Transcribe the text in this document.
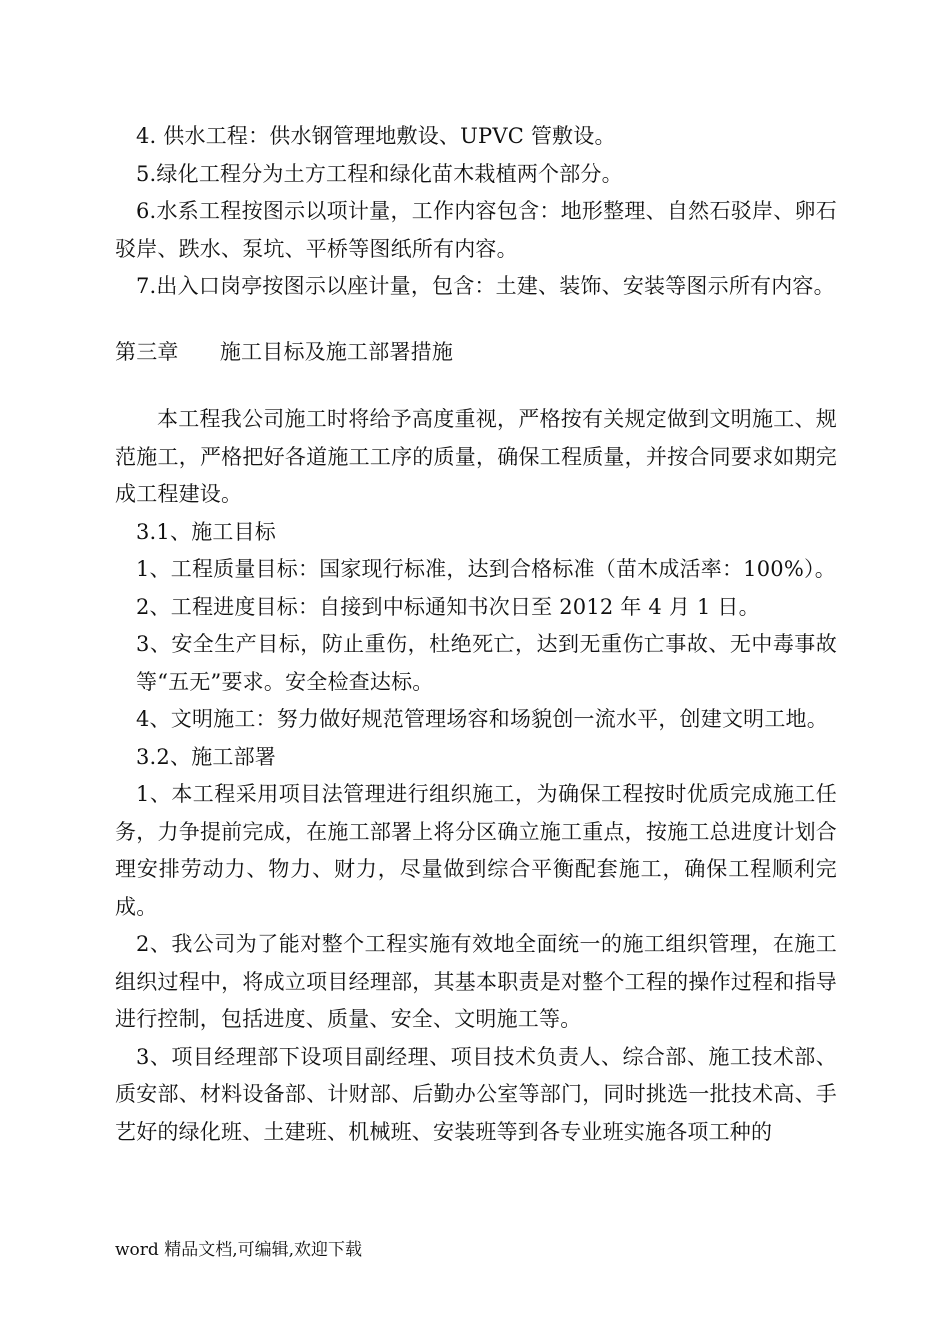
4. 供水工程：供水钢管理地敷设、UPVC 管敷设。

5.绿化工程分为土方工程和绿化苗木栽植两个部分。

6.水系工程按图示以项计量，工作内容包含：地形整理、自然石驳岸、卵石驳岸、跌水、泵坑、平桥等图纸所有内容。

7.出入口岗亭按图示以座计量，包含：土建、装饰、安装等图示所有内容。

第三章      施工目标及施工部署措施

本工程我公司施工时将给予高度重视，严格按有关规定做到文明施工、规范施工，严格把好各道施工工序的质量，确保工程质量，并按合同要求如期完成工程建设。

3.1、施工目标

1、工程质量目标：国家现行标准，达到合格标准（苗木成活率：100%）。

2、工程进度目标：自接到中标通知书次日至 2012 年 4 月 1 日。

3、安全生产目标，防止重伤，杜绝死亡，达到无重伤亡事故、无中毒事故等“五无”要求。安全检查达标。

4、文明施工：努力做好规范管理场容和场貌创一流水平，创建文明工地。

3.2、施工部署

1、本工程采用项目法管理进行组织施工，为确保工程按时优质完成施工任务，力争提前完成，在施工部署上将分区确立施工重点，按施工总进度计划合理安排劳动力、物力、财力，尽量做到综合平衡配套施工，确保工程顺利完成。

2、我公司为了能对整个工程实施有效地全面统一的施工组织管理，在施工组织过程中，将成立项目经理部，其基本职责是对整个工程的操作过程和指导进行控制，包括进度、质量、安全、文明施工等。

3、项目经理部下设项目副经理、项目技术负责人、综合部、施工技术部、质安部、材料设备部、计财部、后勤办公室等部门，同时挑选一批技术高、手艺好的绿化班、土建班、机械班、安装班等到各专业班实施各项工种的

word 精品文档,可编辑,欢迎下载
